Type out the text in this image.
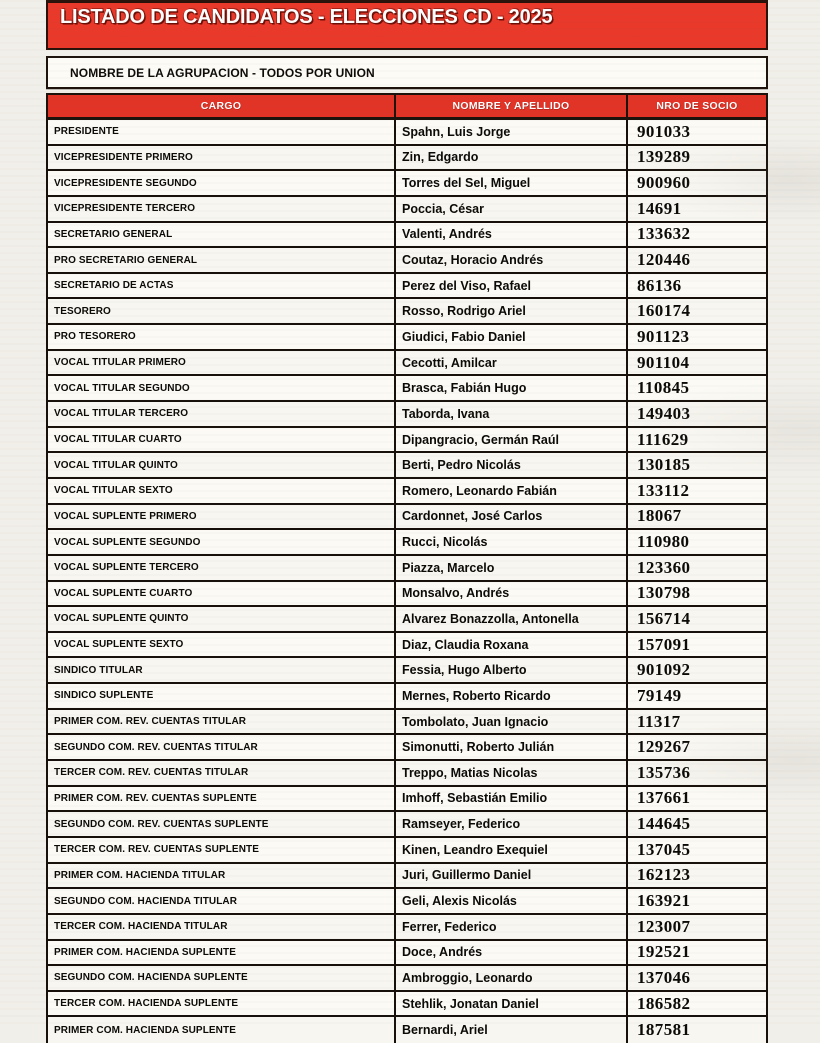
LISTADO DE CANDIDATOS - ELECCIONES CD - 2025
NOMBRE DE LA AGRUPACION - TODOS POR UNION
CARGO	NOMBRE Y APELLIDO	NRO DE SOCIO
PRESIDENTE	Spahn, Luis Jorge	901033
VICEPRESIDENTE PRIMERO	Zin, Edgardo	139289
VICEPRESIDENTE SEGUNDO	Torres del Sel, Miguel	900960
VICEPRESIDENTE TERCERO	Poccia, César	14691
SECRETARIO GENERAL	Valenti, Andrés	133632
PRO SECRETARIO GENERAL	Coutaz, Horacio Andrés	120446
SECRETARIO DE ACTAS	Perez del Viso, Rafael	86136
TESORERO	Rosso, Rodrigo Ariel	160174
PRO TESORERO	Giudici, Fabio Daniel	901123
VOCAL TITULAR PRIMERO	Cecotti, Amilcar	901104
VOCAL TITULAR SEGUNDO	Brasca, Fabián Hugo	110845
VOCAL TITULAR TERCERO	Taborda, Ivana	149403
VOCAL TITULAR CUARTO	Dipangracio, Germán Raúl	111629
VOCAL TITULAR QUINTO	Berti, Pedro Nicolás	130185
VOCAL TITULAR SEXTO	Romero, Leonardo Fabián	133112
VOCAL SUPLENTE PRIMERO	Cardonnet, José Carlos	18067
VOCAL SUPLENTE SEGUNDO	Rucci, Nicolás	110980
VOCAL SUPLENTE TERCERO	Piazza, Marcelo	123360
VOCAL SUPLENTE CUARTO	Monsalvo, Andrés	130798
VOCAL SUPLENTE QUINTO	Alvarez Bonazzolla, Antonella	156714
VOCAL SUPLENTE SEXTO	Diaz, Claudia Roxana	157091
SINDICO TITULAR	Fessia, Hugo Alberto	901092
SINDICO SUPLENTE	Mernes, Roberto Ricardo	79149
PRIMER COM. REV. CUENTAS TITULAR	Tombolato, Juan Ignacio	11317
SEGUNDO COM. REV. CUENTAS TITULAR	Simonutti, Roberto Julián	129267
TERCER COM. REV. CUENTAS TITULAR	Treppo, Matias Nicolas	135736
PRIMER COM. REV. CUENTAS SUPLENTE	Imhoff, Sebastián Emilio	137661
SEGUNDO COM. REV. CUENTAS SUPLENTE	Ramseyer, Federico	144645
TERCER COM. REV. CUENTAS SUPLENTE	Kinen, Leandro Exequiel	137045
PRIMER COM. HACIENDA TITULAR	Juri, Guillermo Daniel	162123
SEGUNDO COM. HACIENDA TITULAR	Geli, Alexis Nicolás	163921
TERCER COM. HACIENDA TITULAR	Ferrer, Federico	123007
PRIMER COM. HACIENDA SUPLENTE	Doce, Andrés	192521
SEGUNDO COM. HACIENDA SUPLENTE	Ambroggio, Leonardo	137046
TERCER COM. HACIENDA SUPLENTE	Stehlik, Jonatan Daniel	186582
PRIMER COM. HACIENDA SUPLENTE	Bernardi, Ariel	187581
